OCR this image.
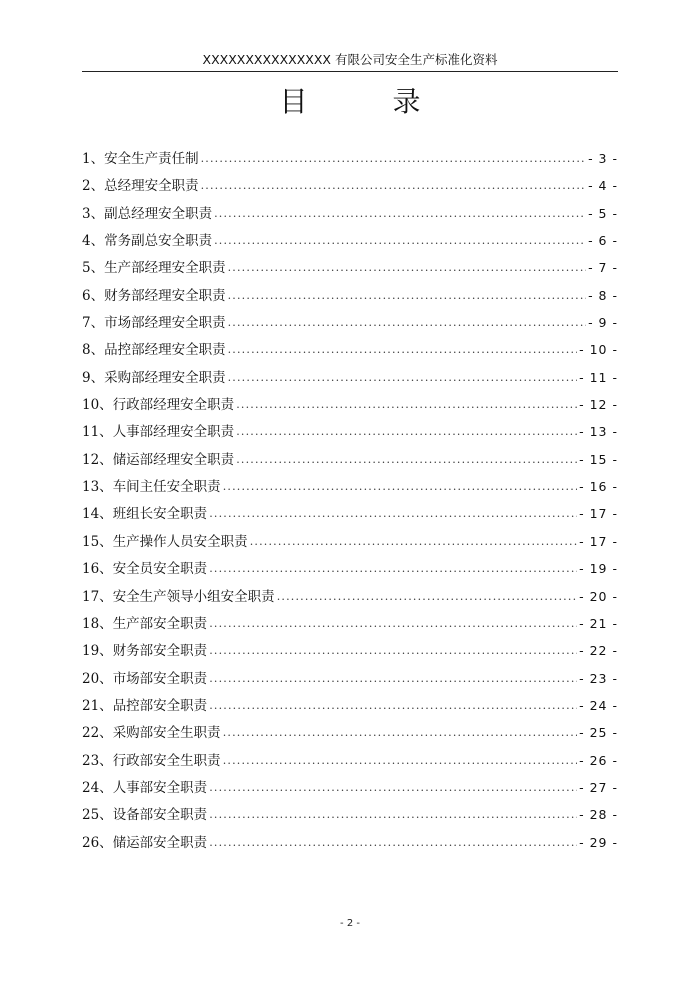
XXXXXXXXXXXXXXX 有限公司安全生产标准化资料
目 录
1、 安全生产责任制 .....	- 3 -
2、 总经理安全职责 .....	- 4 -
3、 副总经理安全职责 .....	- 5 -
4、 常务副总安全职责 .....	- 6 -
5、 生产部经理安全职责 .....	- 7 -
6、 财务部经理安全职责 .....	- 8 -
7、 市场部经理安全职责 .....	- 9 -
8、 品控部经理安全职责 .....	- 10 -
9、 采购部经理安全职责 .....	- 11 -
10、 行政部经理安全职责 .....	- 12 -
11、 人事部经理安全职责 .....	- 13 -
12、 储运部经理安全职责 .....	- 15 -
13、 车间主任安全职责 .....	- 16 -
14、 班组长安全职责 .....	- 17 -
15、 生产操作人员安全职责 .....	- 17 -
16、 安全员安全职责 .....	- 19 -
17、 安全生产领导小组安全职责 .....	- 20 -
18、 生产部安全职责 .....	- 21 -
19、 财务部安全职责 .....	- 22 -
20、 市场部安全职责 .....	- 23 -
21、 品控部安全职责 .....	- 24 -
22、 采购部安全生职责 .....	- 25 -
23、 行政部安全生职责 .....	- 26 -
24、 人事部安全职责 .....	- 27 -
25、 设备部安全职责 .....	- 28 -
26、 储运部安全职责 .....	- 29 -
- 2 -
